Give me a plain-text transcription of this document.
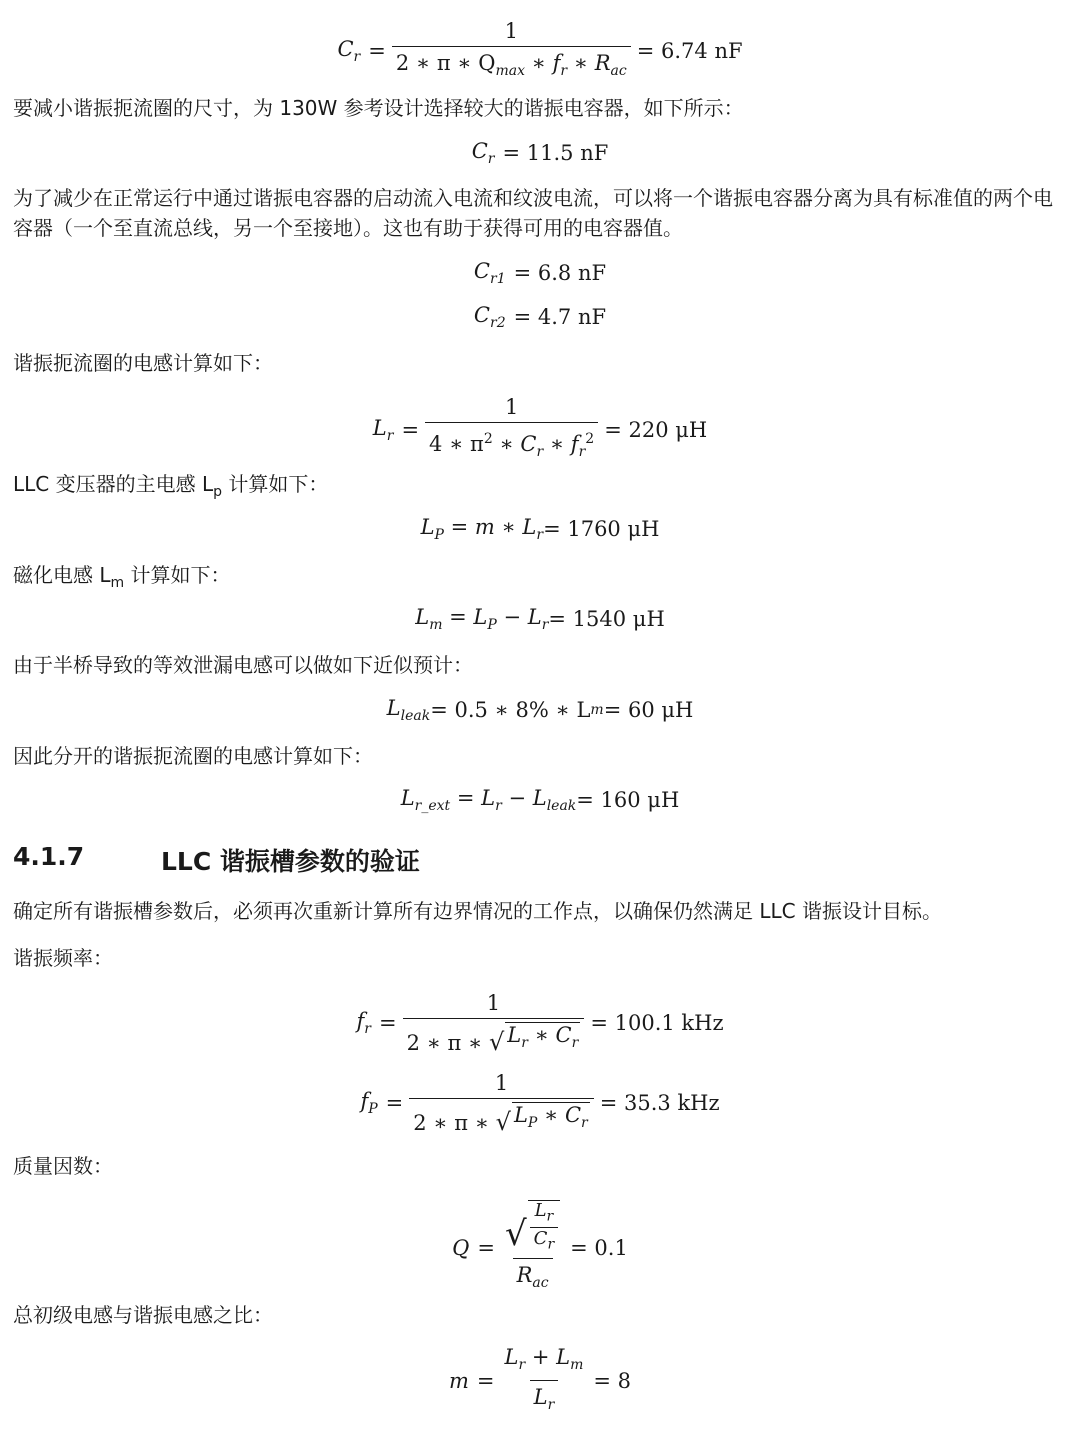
$C_r = \frac{1}{2 ∗ \pi ∗ Q_{max} ∗ f_r ∗ R_{ac}} = 6.74$ nF
要减小谐振扼流圈的尺寸，为 130W 参考设计选择较大的谐振电容器，如下所示：
$C_r = 11.5$ nF
为了减少在正常运行中通过谐振电容器的启动流入电流和纹波电流，可以将一个谐振电容器分离为具有标准值的两个电容器（一个至直流总线，另一个至接地）。这也有助于获得可用的电容器值。
$C_{r1} = 6.8$ nF
$C_{r2} = 4.7$ nF
谐振扼流圈的电感计算如下：
$L_r = \frac{1}{4 ∗ \pi^2 ∗ C_r ∗ f_r^2} = 220$ μH
LLC 变压器的主电感 $L_p$ 计算如下：
$L_P = m$ ∗ $L_r = 1760$ μH
磁化电感 $L_m$ 计算如下：
$L_m = L_P - L_r = 1540$ μH
由于半桥导致的等效泄漏电感可以做如下近似预计：
$L_{leak} = 0.5$ ∗ 8% ∗ L m = 60 μH
因此分开的谐振扼流圈的电感计算如下：
$L_{r\_ext} = L_r - L_{leak} = 160$ μH
4.1.7	LLC 谐振槽参数的验证
确定所有谐振槽参数后，必须再次重新计算所有边界情况的工作点，以确保仍然满足 LLC 谐振设计目标。
谐振频率：
$f_r = \frac{1}{2 ∗ \pi ∗ √ L_r ∗ C_r} = 100.1$ kHz
$f_P = \frac{1}{2 ∗ \pi ∗ √ L_P ∗ C_r} = 35.3$ kHz
质量因数：
$Q = \frac{√ \frac{L_r}{C_r}}{R_{ac}} = 0.1$
总初级电感与谐振电感之比：
$m = \frac{L_r + L_m}{L_r} = 8$
